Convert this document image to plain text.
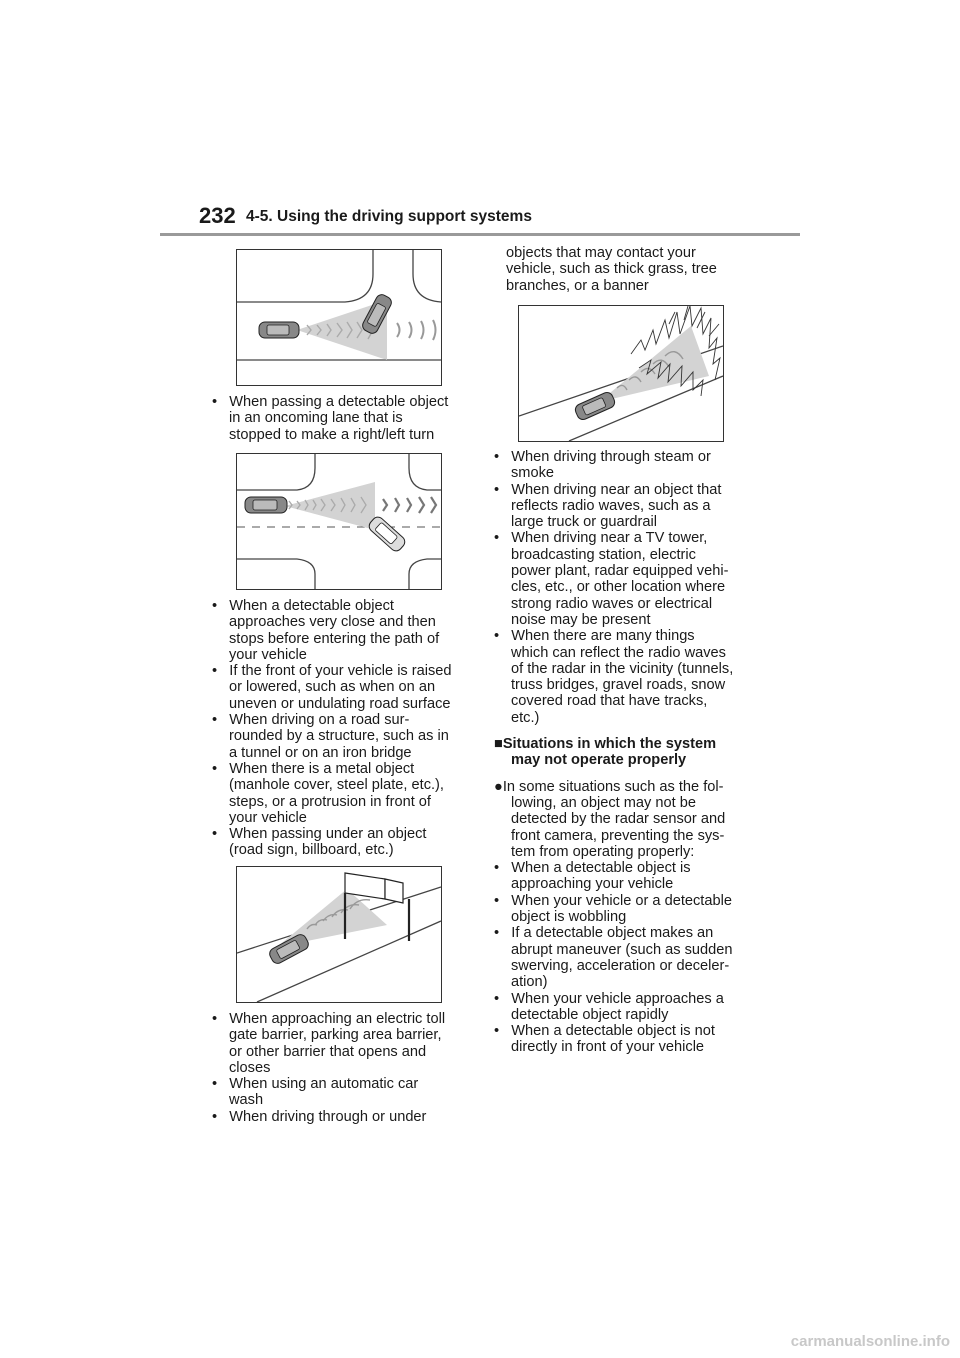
232 4-5. Using the driving support systems
•   When passing a detectable object
in an oncoming lane that is
stopped to make a right/left turn
•   When a detectable object
approaches very close and then
stops before entering the path of
your vehicle
•   If the front of your vehicle is raised
or lowered, such as when on an
uneven or undulating road surface
•   When driving on a road sur-
rounded by a structure, such as in
a tunnel or on an iron bridge
•   When there is a metal object
(manhole cover, steel plate, etc.),
steps, or a protrusion in front of
your vehicle
•   When passing under an object
(road sign, billboard, etc.)
•   When approaching an electric toll
gate barrier, parking area barrier,
or other barrier that opens and
closes
•   When using an automatic car
wash
•   When driving through or under
objects that may contact your
vehicle, such as thick grass, tree
branches, or a banner
•   When driving through steam or
smoke
•   When driving near an object that
reflects radio waves, such as a
large truck or guardrail
•   When driving near a TV tower,
broadcasting station, electric
power plant, radar equipped vehi-
cles, etc., or other location where
strong radio waves or electrical
noise may be present
•   When there are many things
which can reflect the radio waves
of the radar in the vicinity (tunnels,
truss bridges, gravel roads, snow
covered road that have tracks,
etc.)
■Situations in which the system
may not operate properly
●In some situations such as the fol-
lowing, an object may not be
detected by the radar sensor and
front camera, preventing the sys-
tem from operating properly:
•   When a detectable object is
approaching your vehicle
•   When your vehicle or a detectable
object is wobbling
•   If a detectable object makes an
abrupt maneuver (such as sudden
swerving, acceleration or deceler-
ation)
•   When your vehicle approaches a
detectable object rapidly
•   When a detectable object is not
directly in front of your vehicle
carmanualsonline.info
